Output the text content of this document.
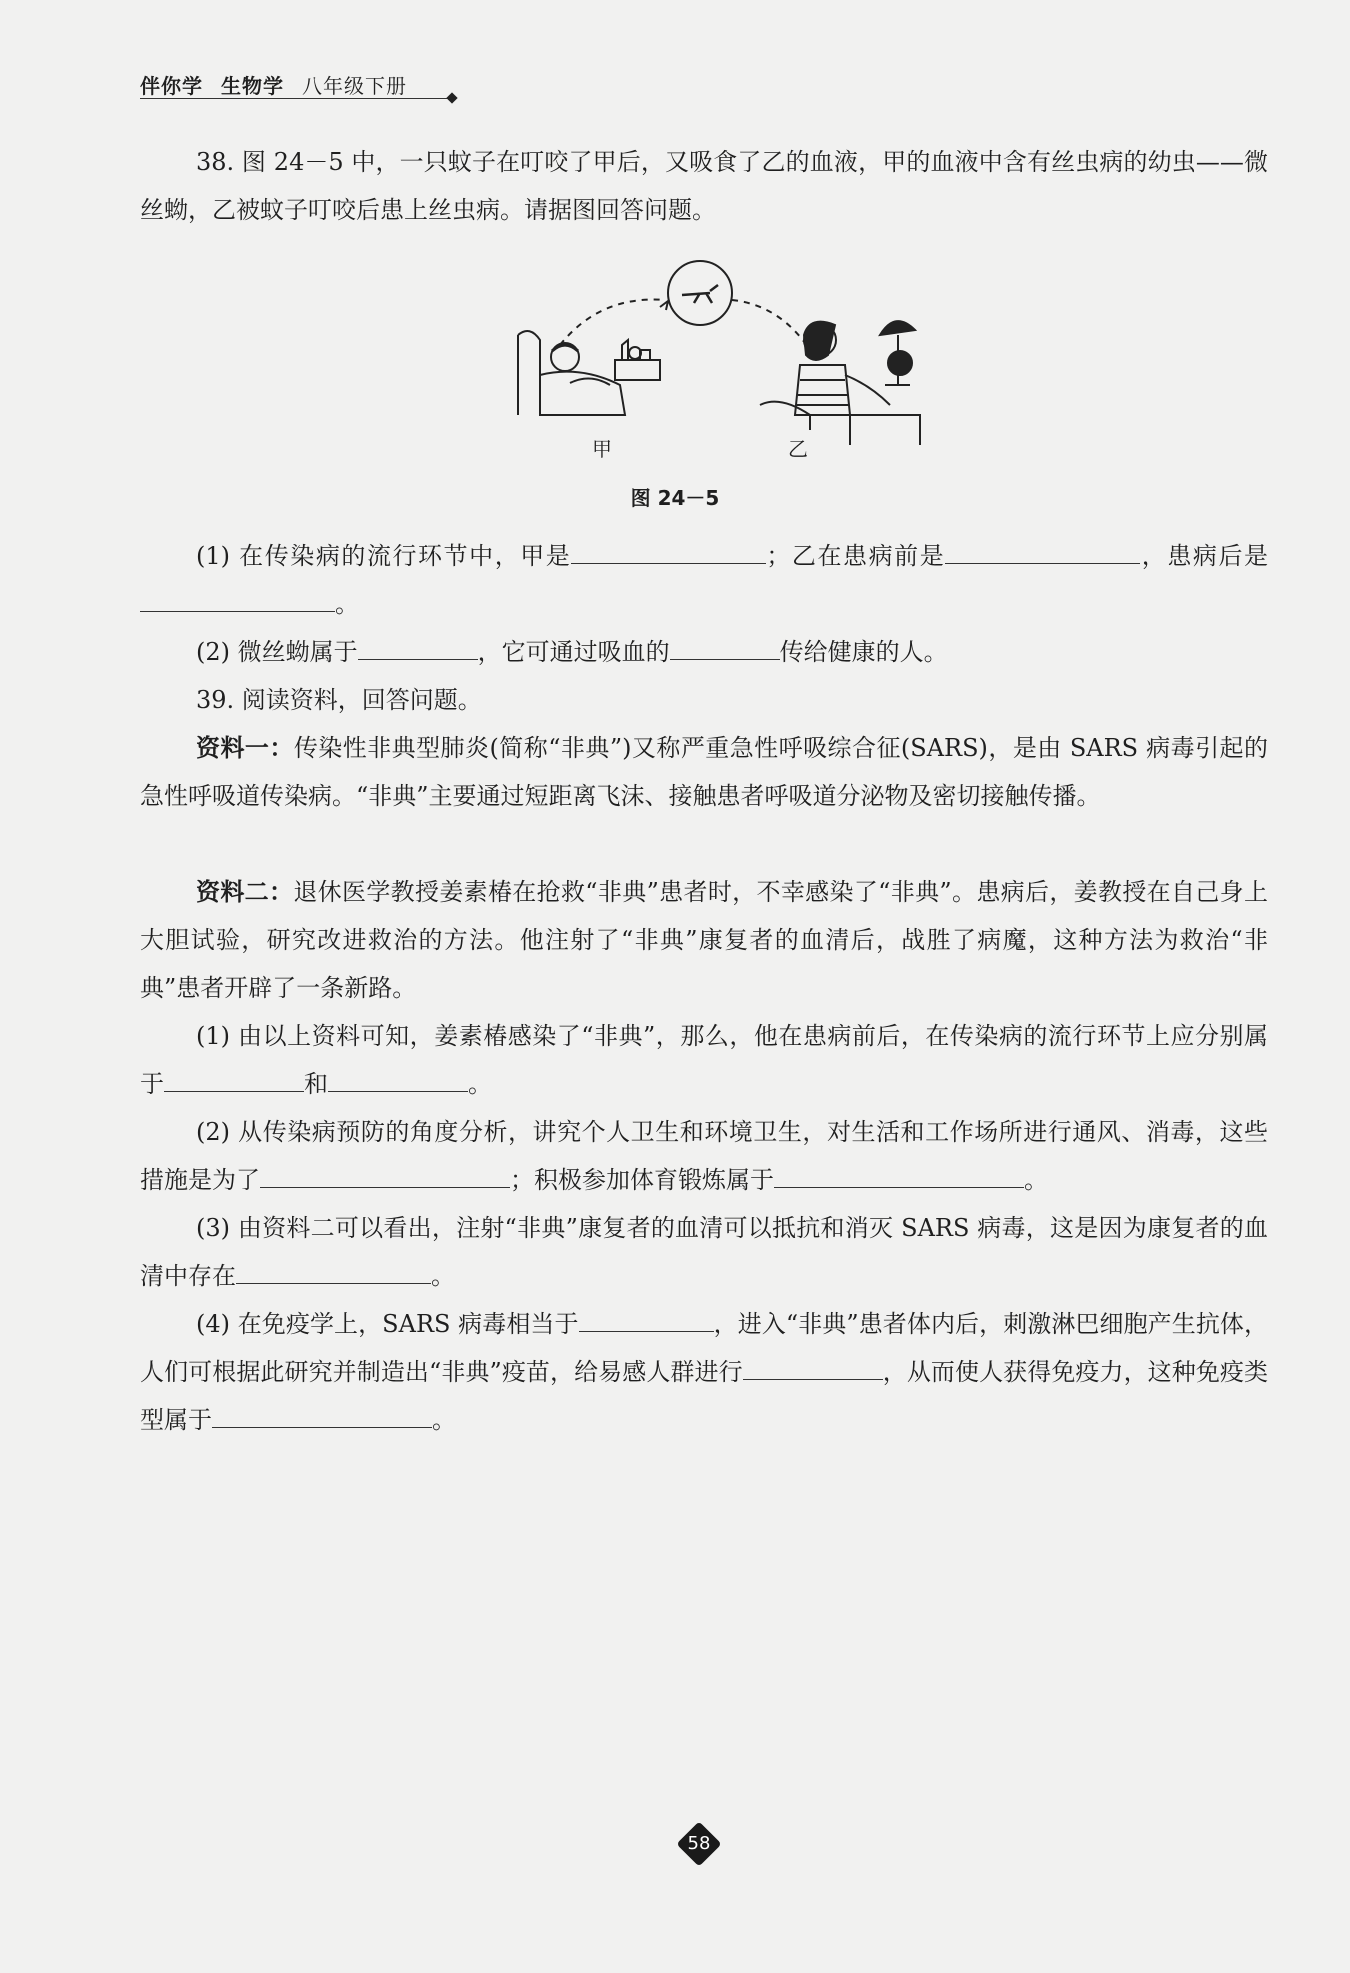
伴你学 生物学 八年级下册

38. 图 24－5 中，一只蚊子在叮咬了甲后，又吸食了乙的血液，甲的血液中含有丝虫病的幼虫——微丝蚴，乙被蚊子叮咬后患上丝虫病。请据图回答问题。

甲	乙
图 24－5

(1) 在传染病的流行环节中，甲是	；乙在患病前是	，患病后是。

(2) 微丝蚴属于	，它可通过吸血的	传给健康的人。

39. 阅读资料，回答问题。

资料一：传染性非典型肺炎(简称“非典”)又称严重急性呼吸综合征(SARS)，是由 SARS 病毒引起的急性呼吸道传染病。“非典”主要通过短距离飞沫、接触患者呼吸道分泌物及密切接触传播。

资料二：退休医学教授姜素椿在抢救“非典”患者时，不幸感染了“非典”。患病后，姜教授在自己身上大胆试验，研究改进救治的方法。他注射了“非典”康复者的血清后，战胜了病魔，这种方法为救治“非典”患者开辟了一条新路。

(1) 由以上资料可知，姜素椿感染了“非典”，那么，他在患病前后，在传染病的流行环节上应分别属于	和	。

(2) 从传染病预防的角度分析，讲究个人卫生和环境卫生，对生活和工作场所进行通风、消毒，这些措施是为了	；积极参加体育锻炼属于	。

(3) 由资料二可以看出，注射“非典”康复者的血清可以抵抗和消灭 SARS 病毒，这是因为康复者的血清中存在	。

(4) 在免疫学上，SARS 病毒相当于	，进入“非典”患者体内后，刺激淋巴细胞产生抗体，人们可根据此研究并制造出“非典”疫苗，给易感人群进行	，从而使人获得免疫力，这种免疫类型属于	。

58
